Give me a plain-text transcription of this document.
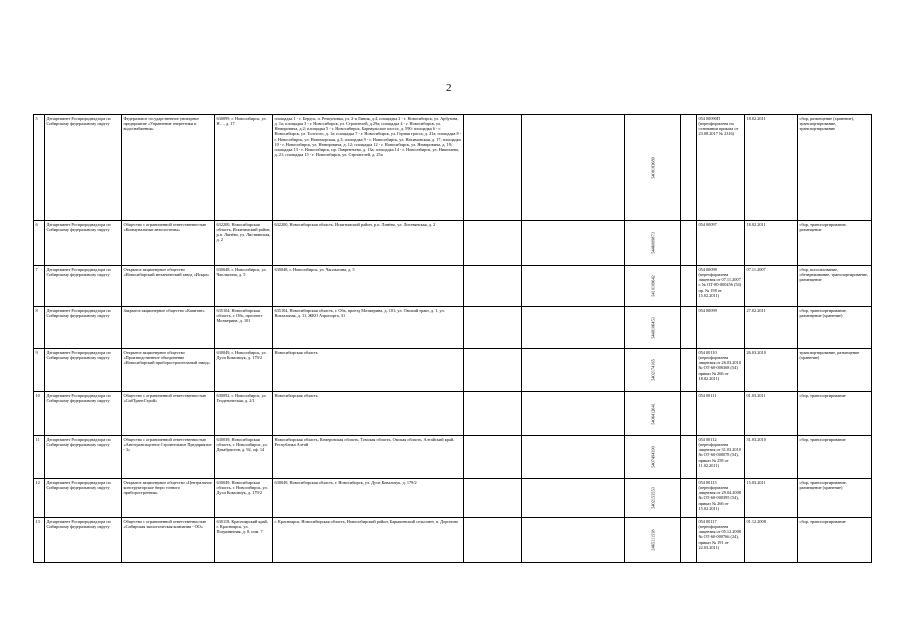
2
5	Департамент Росприроднадзора по Сибирскому федеральному округу	Федеральное государственное унитарное предприятие «Управление энергетики и водоснабжения»	630099, г. Новосибирск, ул. Н…, д. 17	площадка 1 - г. Бердск, п. Речкуновка, ул. 2-я Линия, д.4, площадка 2 - г. Новосибирск, ул. Арбузова, д. 1а; площадка 3 - г. Новосибирск, ул. Строителей, д.29а; площадка 4 - г. Новосибирск, ул. Немировича, д.2; площадка 5 - г. Новосибирск, Барнаульское шоссе, д. 590; площадка 6 - г. Новосибирск, ул. Толстого, д. 1а; площадка 7 - г. Новосибирск, ул. Горная трасса, д. 21а; площадка 8 - г. Новосибирск, ул. Новоморская, д.3; площадка 9 - г. Новосибирск, ул. Нахимовская, д. 17; площадка 10 - г. Новосибирск, ул. Немировича, д. 12; площадка 12 - г. Новосибирск, ул. Немировича, д. 19; площадка 13 - г. Новосибирск, пр. Лаврентьева, д. 13а; площадка 14 - г. Новосибирск, ул. Николаева, д. 21; площадка 15 - г. Новосибирск, ул. Строителей, д. 25а			5408183689		054 00090П (переоформлена на основании приказа от 23.08.2017 № 2316)	18.02.2011	сбор, размещение (хранение), транспортирование, транспортирование
6	Департамент Росприроднадзора по Сибирскому федеральному округу	Общество с ограниченной ответственностью «Коммунальные автосистемы»	632200, Новосибирская область, Искитимский район, р.п. Линёво, ул. Листвянская, д. 2	632200, Новосибирская область, Искитимский район, р.п. Линёво, ул. Листвянская, д. 2			5446009873		054 00097	18.02.2011	сбор, транспортирование, размещение
7	Департамент Росприроднадзора по Сибирскому федеральному округу	Открытое акционерное общество «Новосибирский механический завод «Искра»	630048, г. Новосибирск, ул. Чаплыгина, д. 5	630048, г. Новосибирск, ул. Чаплыгина, д. 5			5410109642		054 00098 (переоформлена лицензия от 07.11.2007 г. № ОТ-80-000456 (54) пр. № 198 от 15.02.2011)	07.11.2007	сбор, использование, обезвреживание, транспортирование, размещение
8	Департамент Росприроднадзора по Сибирскому федеральному округу	Закрытое акционерное общество «Капитан»	635104, Новосибирская область, г. Обь, проспект Мозжерина, д. 101	635104, Новосибирская область, г. Обь, проезд Мозжерина, д. 101; ул. Омский тракт, д. 1, ул. Вокзальная, д. 11, ЖКО Аэропорта, 31			5448106453		054 00099	27.02.2011	сбор, транспортирование, размещение (хранение)
9	Департамент Росприроднадзора по Сибирскому федеральному округу	Открытое акционерное общество «Производственное объединение «Новосибирский приборостроительный завод»	630049, г. Новосибирск, ул. Дуси Ковальчук, д. 179/2	Новосибирская область			5402174165		054 00110 (переоформлена лицензия от 26.03.2010 № ОТ-60-000368 (54) приказ № 266 от 18.02.2011)	26.03.2010	транспортирование, размещение (хранение)
10	Департамент Росприроднадзора по Сибирскому федеральному округу	Общество с ограниченной ответственностью «СибТрансСтрой»	630092, г. Новосибирск, ул. Геодезическая, д. 2/1	Новосибирская область			5406412641		054 00111	01.03.2011	сбор, транспортирование
11	Департамент Росприроднадзора по Сибирскому федеральному округу	Общество с ограниченной ответственностью «Автотранспортное Строительное Предприятие - 3»	630039, Новосибирская область, г. Новосибирск, ул. Декабристов, д. 92, оф. 14	Новосибирская область, Кемеровская область, Томская область, Омская область, Алтайский край, Республика Алтай			5407494390		054 00112 (переоформлена лицензия от 31.03.2010 № ОТ-60-000078 (54), приказ № 258 от 11.02.2011)	31.03.2010	сбор, транспортирование
12	Департамент Росприроднадзора по Сибирскому федеральному округу	Открытое акционерное общество «Центральное конструкторское бюро точного приборостроения»	630049, Новосибирская область, г. Новосибирск, ул. Дуси Ковальчук, д. 179/2	630049, Новосибирская область, г. Новосибирск, ул. Дуси Ковальчук, д. 179/2			5402153553		054 00115 (переоформлена лицензия от 29.04.2008 № ОТ-60-000395 (54), приказ № 266 от 15.02.2011)	15.03.2011	сбор, транспортирование, размещение (хранение)
13	Департамент Росприроднадзора по Сибирскому федеральному округу	Общество с ограниченной ответственностью «Сибирская экологическая компания - ОО»	630118, Красноярский край, г. Красноярск, ул. Пограничная, д. 8, пом. 7	г. Красноярск, Новосибирская область, Новосибирский район, Барышевский сельсовет, п. Дорогино			2465111538		054 00117 (переоформлена лицензия от 05.12.2008 № ОТ-60-000766 (24), приказ № 191 от 22.03.2011)	01.12.2008	сбор, транспортирование
